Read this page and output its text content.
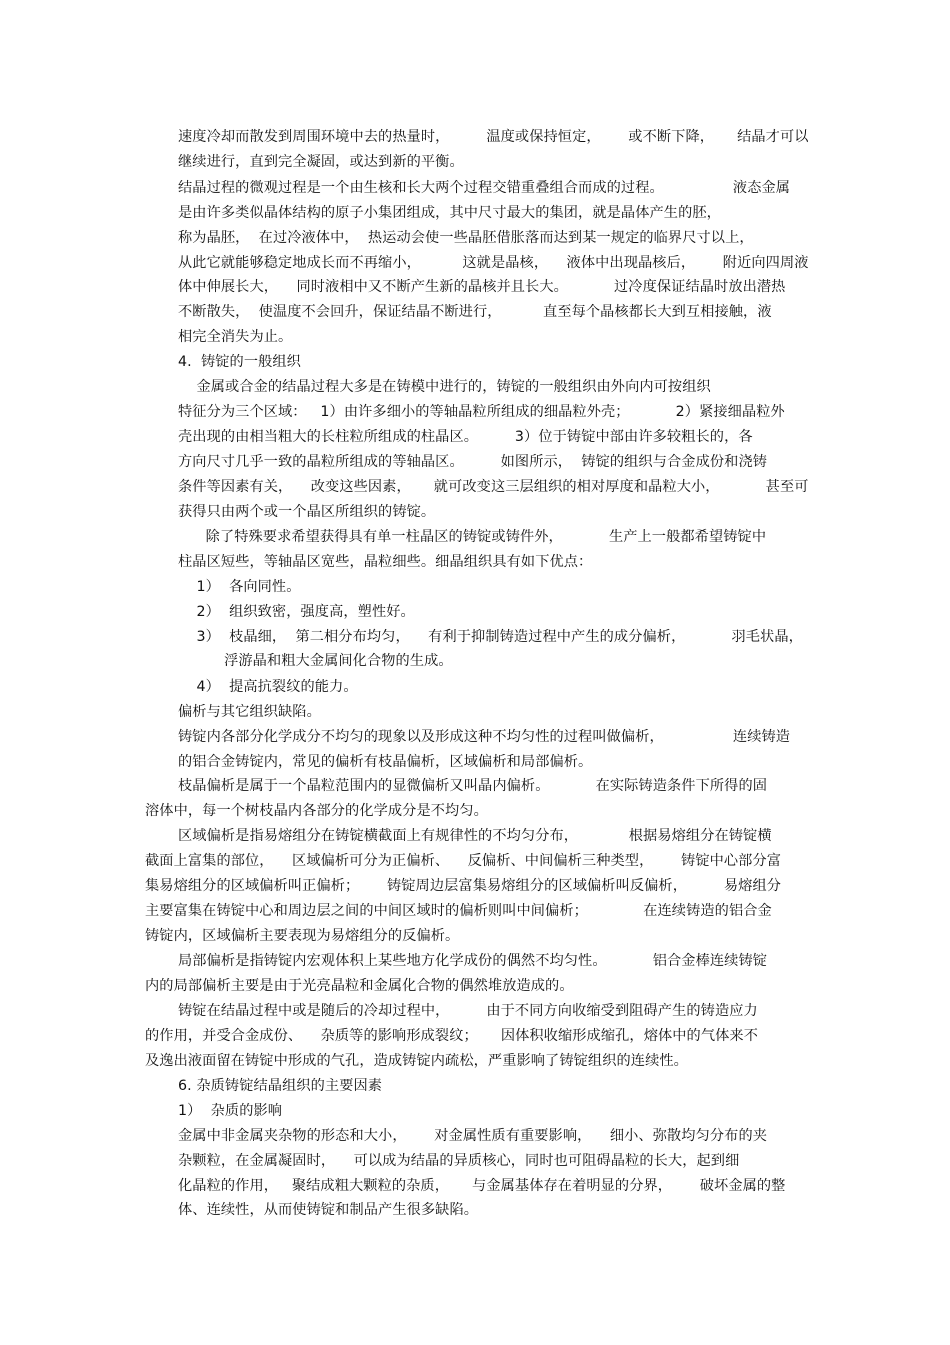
速度冷却而散发到周围环境中去的热量时，        温度或保持恒定，      或不断下降，     结晶才可以
继续进行，直到完全凝固，或达到新的平衡。
结晶过程的微观过程是一个由生核和长大两个过程交错重叠组合而成的过程。               液态金属
是由许多类似晶体结构的原子小集团组成，其中尺寸最大的集团，就是晶体产生的胚，
称为晶胚，  在过冷液体中，  热运动会使一些晶胚借胀落而达到某一规定的临界尺寸以上，
从此它就能够稳定地成长而不再缩小，         这就是晶核，    液体中出现晶核后，      附近向四周液
体中伸展长大，    同时液相中又不断产生新的晶核并且长大。          过冷度保证结晶时放出潜热
不断散失，  使温度不会回升，保证结晶不断进行，         直至每个晶核都长大到互相接触，液
相完全消失为止。
4.  铸锭的一般组织
金属或合金的结晶过程大多是在铸模中进行的，铸锭的一般组织由外向内可按组织
特征分为三个区域：   1）由许多细小的等轴晶粒所组成的细晶粒外壳；          2）紧接细晶粒外
壳出现的由相当粗大的长柱粒所组成的柱晶区。        3）位于铸锭中部由许多较粗长的，各
方向尺寸几乎一致的晶粒所组成的等轴晶区。        如图所示，  铸锭的组织与合金成份和浇铸
条件等因素有关，    改变这些因素，     就可改变这三层组织的相对厚度和晶粒大小，          甚至可
获得只由两个或一个晶区所组织的铸锭。
除了特殊要求希望获得具有单一柱晶区的铸锭或铸件外，          生产上一般都希望铸锭中
柱晶区短些，等轴晶区宽些，晶粒细些。细晶组织具有如下优点：
1）  各向同性。
2）  组织致密，强度高，塑性好。
3）  枝晶细，  第二相分布均匀，    有利于抑制铸造过程中产生的成分偏析，          羽毛状晶，
浮游晶和粗大金属间化合物的生成。
4）  提高抗裂纹的能力。
偏析与其它组织缺陷。
铸锭内各部分化学成分不均匀的现象以及形成这种不均匀性的过程叫做偏析，               连续铸造
的铝合金铸锭内，常见的偏析有枝晶偏析，区域偏析和局部偏析。
枝晶偏析是属于一个晶粒范围内的显微偏析又叫晶内偏析。          在实际铸造条件下所得的固
溶体中，每一个树枝晶内各部分的化学成分是不均匀。
区域偏析是指易熔组分在铸锭横截面上有规律性的不均匀分布，           根据易熔组分在铸锭横
截面上富集的部位，    区域偏析可分为正偏析、    反偏析、中间偏析三种类型，      铸锭中心部分富
集易熔组分的区域偏析叫正偏析；      铸锭周边层富集易熔组分的区域偏析叫反偏析，        易熔组分
主要富集在铸锭中心和周边层之间的中间区域时的偏析则叫中间偏析；            在连续铸造的铝合金
铸锭内，区域偏析主要表现为易熔组分的反偏析。
局部偏析是指铸锭内宏观体积上某些地方化学成份的偶然不均匀性。          铝合金棒连续铸锭
内的局部偏析主要是由于光亮晶粒和金属化合物的偶然堆放造成的。
铸锭在结晶过程中或是随后的冷却过程中，        由于不同方向收缩受到阻碍产生的铸造应力
的作用，并受合金成份、    杂质等的影响形成裂纹；     因体积收缩形成缩孔，熔体中的气体来不
及逸出液面留在铸锭中形成的气孔，造成铸锭内疏松，严重影响了铸锭组织的连续性。
6. 杂质铸锭结晶组织的主要因素
1）  杂质的影响
金属中非金属夹杂物的形态和大小，      对金属性质有重要影响，    细小、弥散均匀分布的夹
杂颗粒，在金属凝固时，    可以成为结晶的异质核心，同时也可阻碍晶粒的长大，起到细
化晶粒的作用，   聚结成粗大颗粒的杂质，     与金属基体存在着明显的分界，      破坏金属的整
体、连续性，从而使铸锭和制品产生很多缺陷。
